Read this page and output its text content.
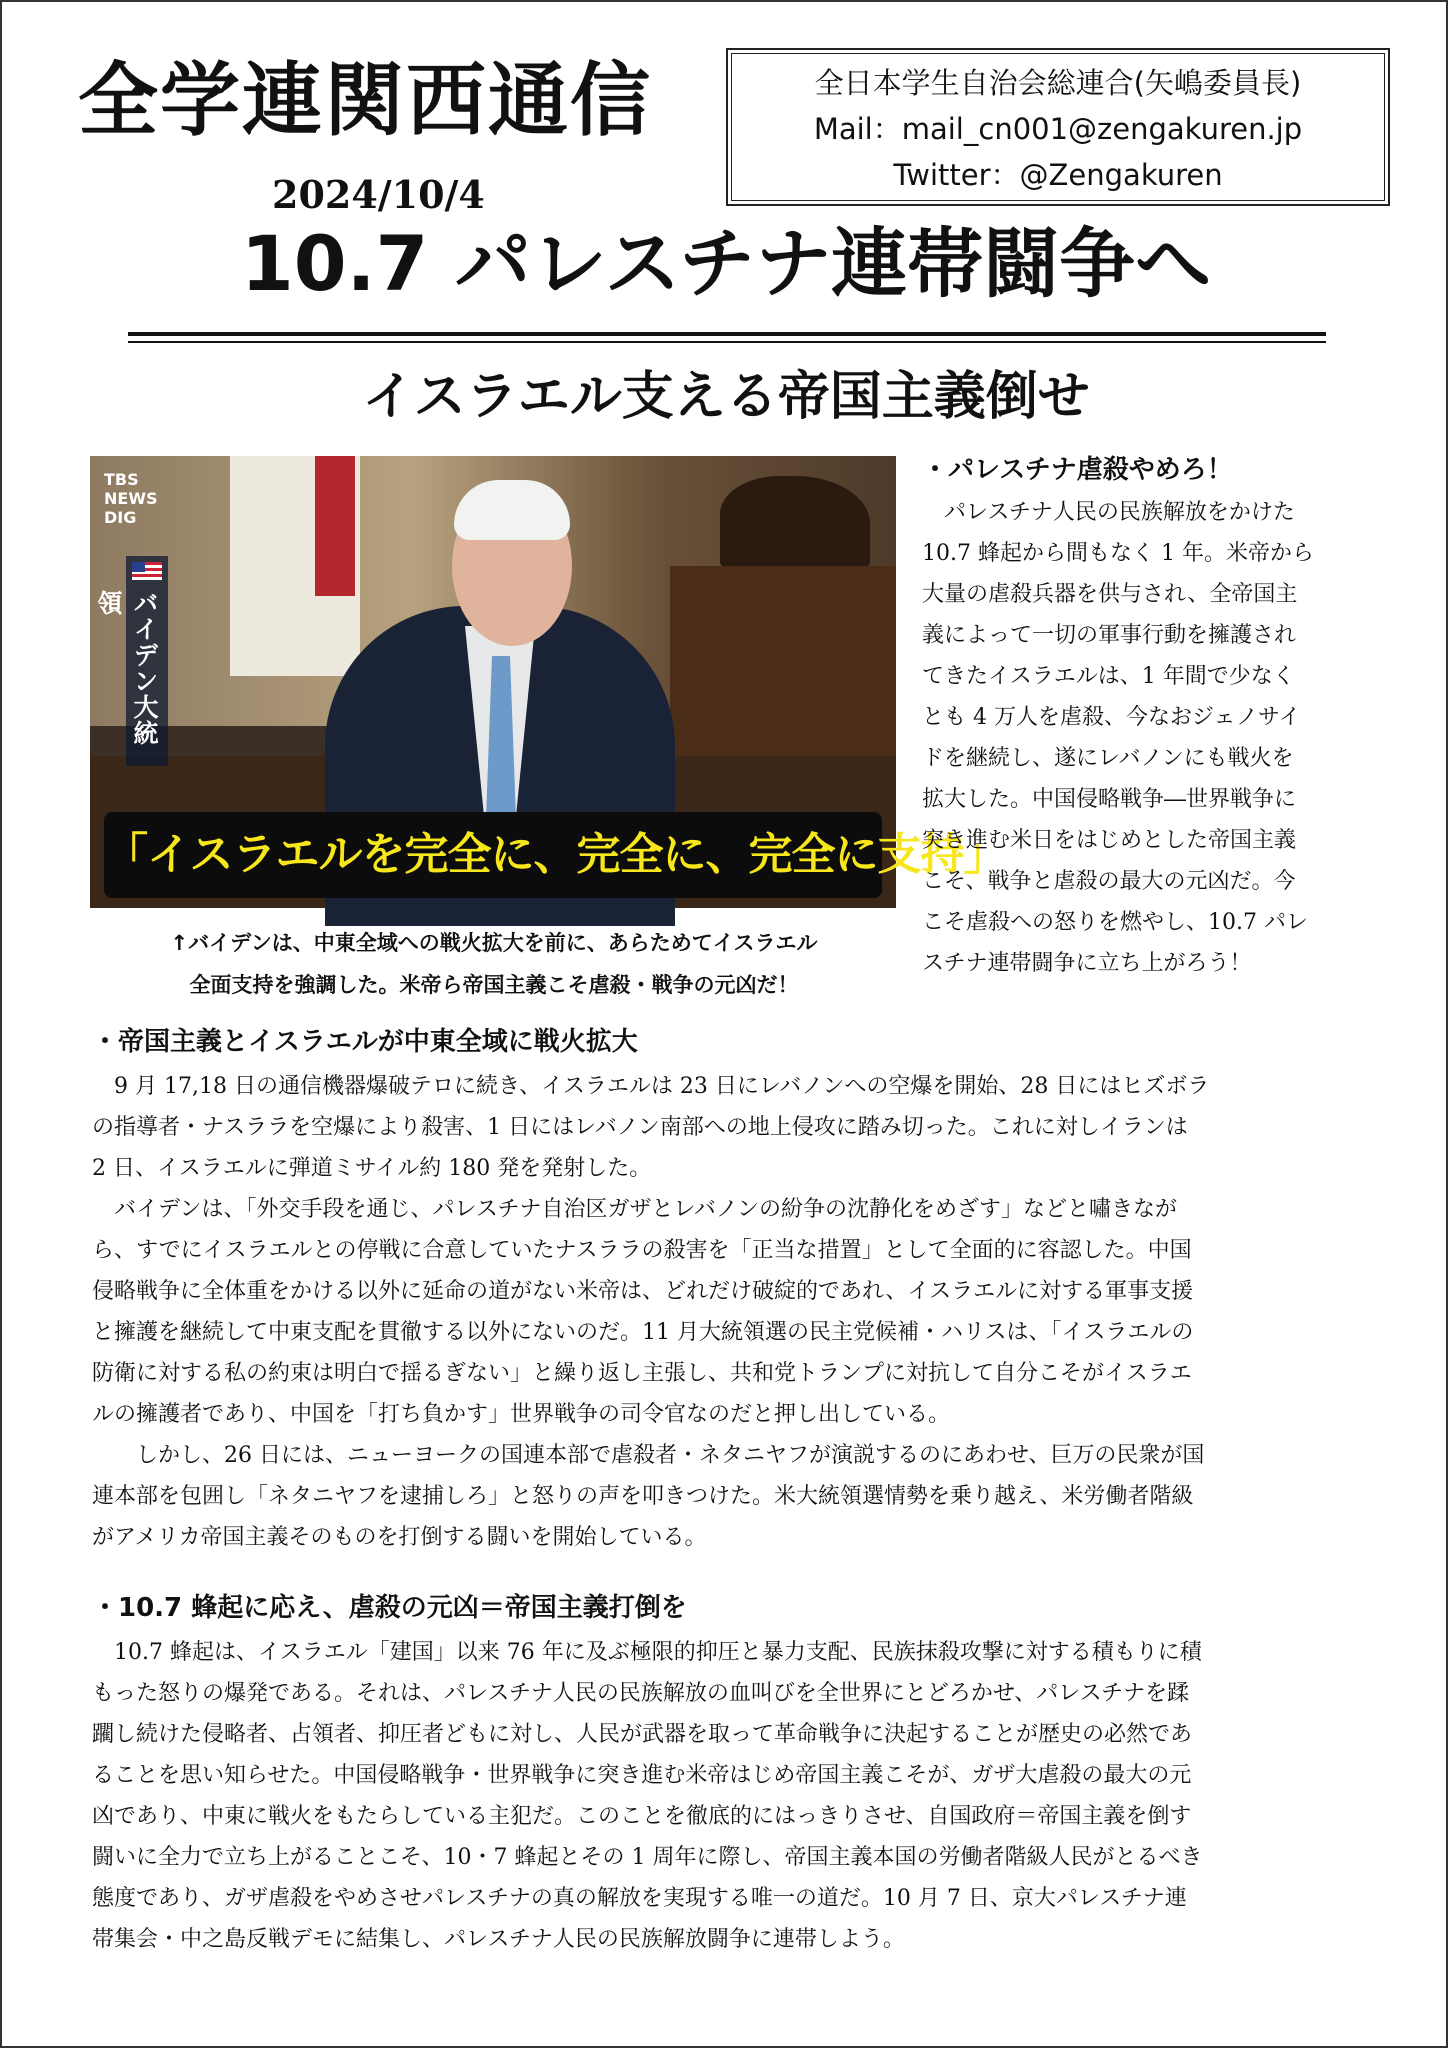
全学連関西通信
2024/10/4
全日本学生自治会総連合(矢嶋委員長)
Mail：mail_cn001@zengakuren.jp
Twitter：@Zengakuren
10.7 パレスチナ連帯闘争へ
イスラエル支える帝国主義倒せ
TBS
NEWS
DIG
バイデン大統領
「イスラエルを完全に、完全に、完全に支持」
↑バイデンは、中東全域への戦火拡大を前に、あらためてイスラエル
全面支持を強調した。米帝ら帝国主義こそ虐殺・戦争の元凶だ！
・パレスチナ虐殺やめろ！
　パレスチナ人民の民族解放をかけた
10.7 蜂起から間もなく 1 年。米帝から
大量の虐殺兵器を供与され、全帝国主
義によって一切の軍事行動を擁護され
てきたイスラエルは、1 年間で少なく
とも 4 万人を虐殺、今なおジェノサイ
ドを継続し、遂にレバノンにも戦火を
拡大した。中国侵略戦争―世界戦争に
突き進む米日をはじめとした帝国主義
こそ、戦争と虐殺の最大の元凶だ。今
こそ虐殺への怒りを燃やし、10.7 パレ
スチナ連帯闘争に立ち上がろう！
・帝国主義とイスラエルが中東全域に戦火拡大
　9 月 17,18 日の通信機器爆破テロに続き、イスラエルは 23 日にレバノンへの空爆を開始、28 日にはヒズボラ
の指導者・ナスララを空爆により殺害、1 日にはレバノン南部への地上侵攻に踏み切った。これに対しイランは
2 日、イスラエルに弾道ミサイル約 180 発を発射した。
　バイデンは、「外交手段を通じ、パレスチナ自治区ガザとレバノンの紛争の沈静化をめざす」などと嘯きなが
ら、すでにイスラエルとの停戦に合意していたナスララの殺害を「正当な措置」として全面的に容認した。中国
侵略戦争に全体重をかける以外に延命の道がない米帝は、どれだけ破綻的であれ、イスラエルに対する軍事支援
と擁護を継続して中東支配を貫徹する以外にないのだ。11 月大統領選の民主党候補・ハリスは、「イスラエルの
防衛に対する私の約束は明白で揺るぎない」と繰り返し主張し、共和党トランプに対抗して自分こそがイスラエ
ルの擁護者であり、中国を「打ち負かす」世界戦争の司令官なのだと押し出している。
　　しかし、26 日には、ニューヨークの国連本部で虐殺者・ネタニヤフが演説するのにあわせ、巨万の民衆が国
連本部を包囲し「ネタニヤフを逮捕しろ」と怒りの声を叩きつけた。米大統領選情勢を乗り越え、米労働者階級
がアメリカ帝国主義そのものを打倒する闘いを開始している。
・10.7 蜂起に応え、虐殺の元凶＝帝国主義打倒を
　10.7 蜂起は、イスラエル「建国」以来 76 年に及ぶ極限的抑圧と暴力支配、民族抹殺攻撃に対する積もりに積
もった怒りの爆発である。それは、パレスチナ人民の民族解放の血叫びを全世界にとどろかせ、パレスチナを蹂
躙し続けた侵略者、占領者、抑圧者どもに対し、人民が武器を取って革命戦争に決起することが歴史の必然であ
ることを思い知らせた。中国侵略戦争・世界戦争に突き進む米帝はじめ帝国主義こそが、ガザ大虐殺の最大の元
凶であり、中東に戦火をもたらしている主犯だ。このことを徹底的にはっきりさせ、自国政府＝帝国主義を倒す
闘いに全力で立ち上がることこそ、10・7 蜂起とその 1 周年に際し、帝国主義本国の労働者階級人民がとるべき
態度であり、ガザ虐殺をやめさせパレスチナの真の解放を実現する唯一の道だ。10 月 7 日、京大パレスチナ連
帯集会・中之島反戦デモに結集し、パレスチナ人民の民族解放闘争に連帯しよう。
